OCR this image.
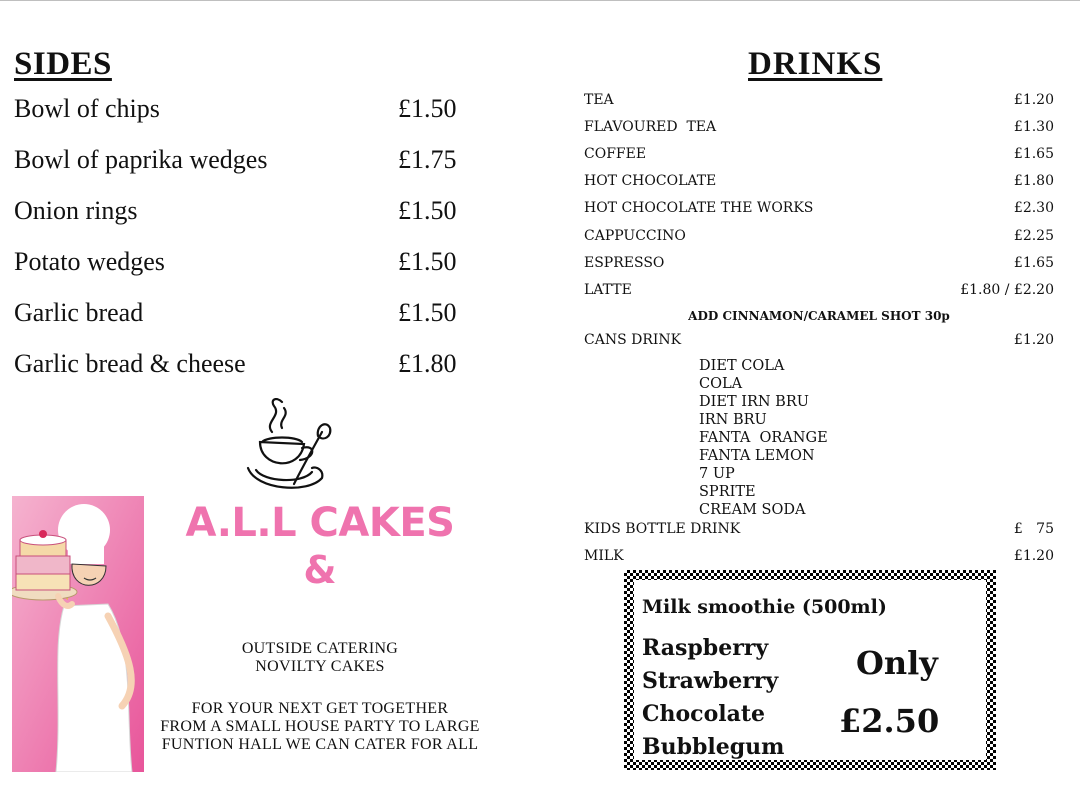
SIDES
Bowl of chips	£1.50
Bowl of paprika wedges	£1.75
Onion rings	£1.50
Potato wedges	£1.50
Garlic bread	£1.50
Garlic bread & cheese	£1.80
A.L.L CAKES
&
OUTSIDE CATERING
NOVILTY CAKES
FOR YOUR NEXT GET TOGETHER
FROM A SMALL HOUSE PARTY TO LARGE
FUNTION HALL WE CAN CATER FOR ALL
DRINKS
TEA	£1.20
FLAVOURED  TEA	£1.30
COFFEE	£1.65
HOT CHOCOLATE	£1.80
HOT CHOCOLATE THE WORKS	£2.30
CAPPUCCINO	£2.25
ESPRESSO	£1.65
LATTE	£1.80 / £2.20
ADD CINNAMON/CARAMEL SHOT 30p
CANS DRINK	£1.20
DIET COLA
COLA
DIET IRN BRU
IRN BRU
FANTA  ORANGE
FANTA LEMON
7 UP
SPRITE
CREAM SODA
KIDS BOTTLE DRINK	£   75
MILK	£1.20
Milk smoothie (500ml)
Raspberry
Strawberry
Chocolate
Bubblegum
Only
£2.50
